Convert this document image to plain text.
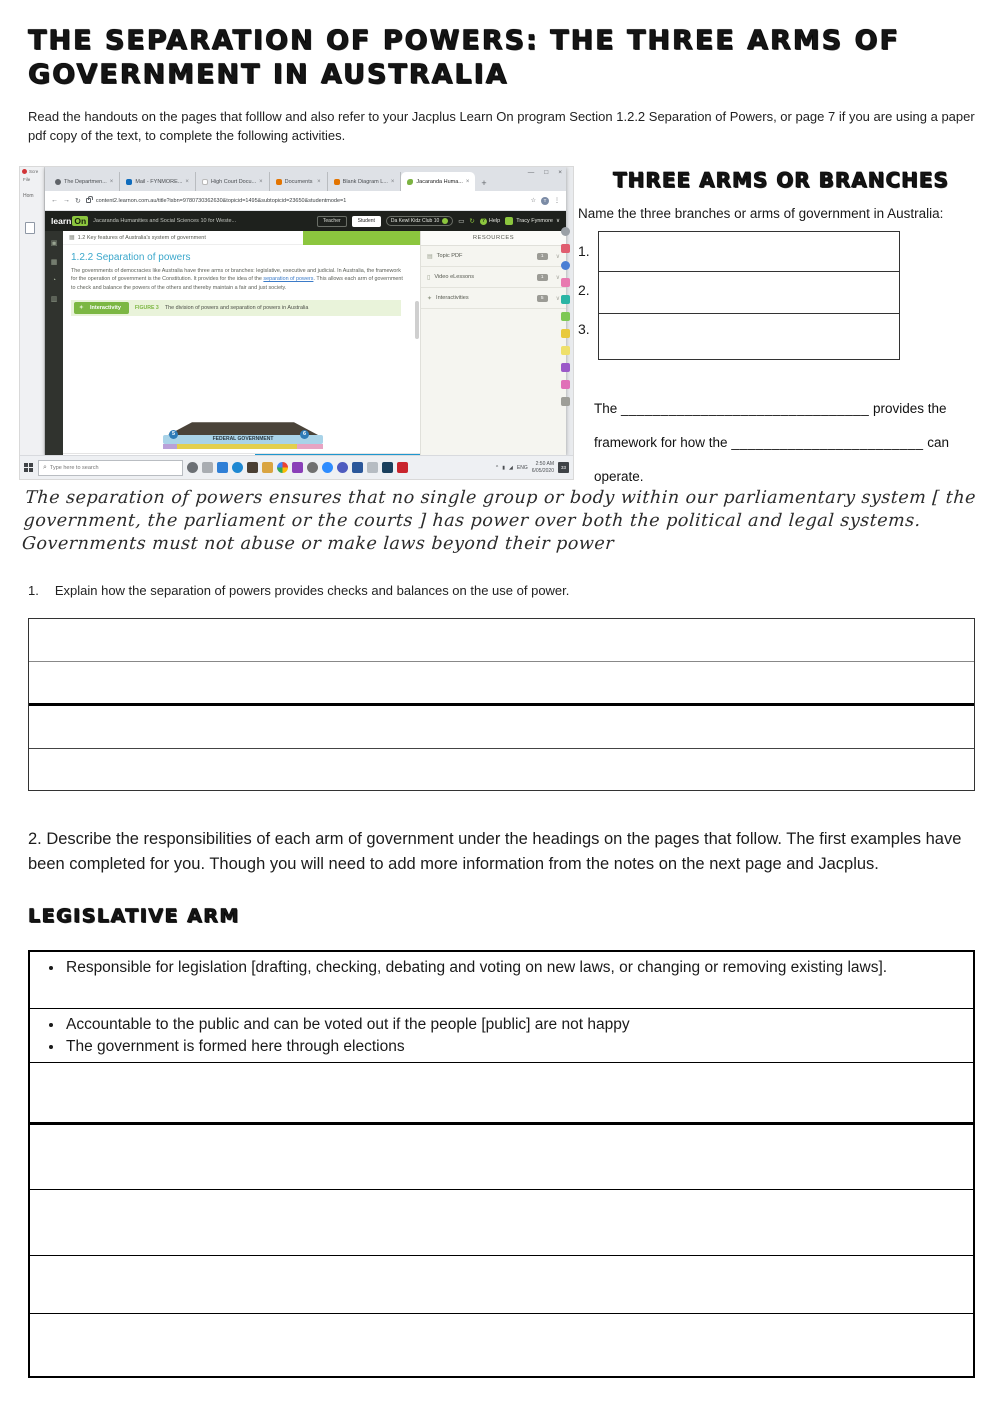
THE SEPARATION OF POWERS: THE THREE ARMS OF GOVERNMENT IN AUSTRALIA

Read the handouts on the pages that folllow and also refer to your Jacplus Learn On program Section 1.2.2 Separation of Powers, or page 7 if you are using a paper pdf copy of the text, to complete the following activities.

Scre
File
Hom
The Departmen... ×	Mail - FYNMORE... ×	High Court Docu... ×	Documents ×	Blank Diagram L... ×	Jacaranda Huma... × +
— □ ×
← → ↻	content2.learnon.com.au/title?isbn=9780730362630&topicid=1495&subtopicid=23650&studentmode=1	☆	T	⋮
learn On	Jacaranda Humanities and Social Sciences 10 for Weste...	Teacher	Student	Da Kewl Kidz Club 10	▭ ↻	? Help	Tracy Fynmore ∨
▣
▦
◔
▥
▦ 1.2 Key features of Australia's system of government
1.2.2 Separation of powers

The governments of democracies like Australia have three arms or branches: legislative, executive and judicial. In Australia, the framework for the operation of government is the Constitution. It provides for the idea of the separation of powers. This allows each arm of government to check and balance the powers of the others and thereby maintain a fair and just society.

✦ Interactivity	FIGURE 3 The division of powers and separation of powers in Australia
FEDERAL GOVERNMENT
5	6
RESOURCES
▤ Topic PDF	1	∨
▯ Video eLessons	1	∨
✦ Interactivities	5	∨
⌕
Type here to search	^ ▮ ◢ ENG
2:50 AM
6/05/2020	33
THREE ARMS OR BRANCHES
Name the three branches or arms of government in Australia:
1.
2.
3.
The _______________________________ provides the
framework for how the ________________________ can
operate.

The separation of powers ensures that no single group or body within our parliamentary system [ the government, the parliament or the courts ] has power over both the political and legal systems. Governments must not abuse or make laws beyond their power

1. Explain how the separation of powers provides checks and balances on the use of power.

2. Describe the responsibilities of each arm of government under the headings on the pages that follow. The first examples have been completed for you. Though you will need to add more information from the notes on the next page and Jacplus.

LEGISLATIVE ARM
• Responsible for legislation [drafting, checking, debating and voting on new laws, or changing or removing existing laws].
• Accountable to the public and can be voted out if the people [public] are not happy
• The government is formed here through elections
